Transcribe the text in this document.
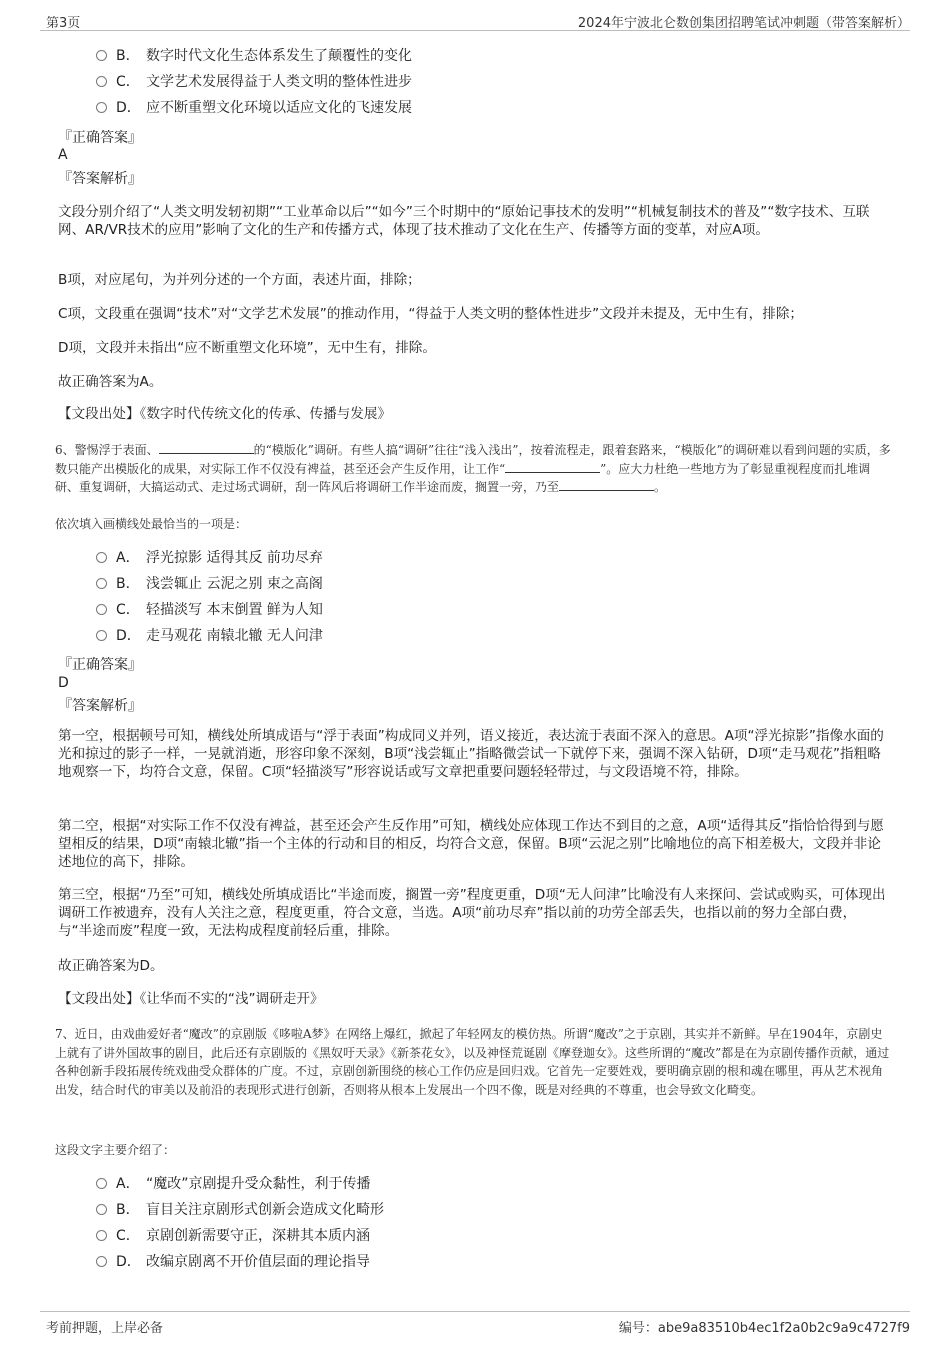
第3页	2024年宁波北仑数创集团招聘笔试冲刺题（带答案解析）
B． 数字时代文化生态体系发生了颠覆性的变化
C． 文学艺术发展得益于人类文明的整体性进步
D． 应不断重塑文化环境以适应文化的飞速发展
『正确答案』
A
『答案解析』
文段分别介绍了“人类文明发轫初期”“工业革命以后”“如今”三个时期中的“原始记事技术的发明”“机械复制技术的普及”“数字技术、互联网、AR/VR技术的应用”影响了文化的生产和传播方式，体现了技术推动了文化在生产、传播等方面的变革，对应A项。
B项，对应尾句，为并列分述的一个方面，表述片面，排除；
C项，文段重在强调“技术”对“文学艺术发展”的推动作用，“得益于人类文明的整体性进步”文段并未提及，无中生有，排除；
D项，文段并未指出“应不断重塑文化环境”，无中生有，排除。
故正确答案为A。
【文段出处】《数字时代传统文化的传承、传播与发展》
6、警惕浮于表面、	的“模版化”调研。有些人搞“调研”往往“浅入浅出”，按着流程走，跟着套路来，“模版化”的调研难以看到问题的实质，多数只能产出模版化的成果，对实际工作不仅没有裨益，甚至还会产生反作用，让工作“	”。应大力杜绝一些地方为了彰显重视程度而扎堆调研、重复调研，大搞运动式、走过场式调研，刮一阵风后将调研工作半途而废，搁置一旁，乃至	。
依次填入画横线处最恰当的一项是：
A． 浮光掠影 适得其反 前功尽弃
B． 浅尝辄止 云泥之别 束之高阁
C． 轻描淡写 本末倒置 鲜为人知
D． 走马观花 南辕北辙 无人问津
『正确答案』
D
『答案解析』
第一空，根据顿号可知，横线处所填成语与“浮于表面”构成同义并列，语义接近，表达流于表面不深入的意思。A项“浮光掠影”指像水面的光和掠过的影子一样，一晃就消逝，形容印象不深刻，B项“浅尝辄止”指略微尝试一下就停下来，强调不深入钻研，D项“走马观花”指粗略地观察一下，均符合文意，保留。C项“轻描淡写”形容说话或写文章把重要问题轻轻带过，与文段语境不符，排除。
第二空，根据“对实际工作不仅没有裨益，甚至还会产生反作用”可知，横线处应体现工作达不到目的之意，A项“适得其反”指恰恰得到与愿望相反的结果，D项“南辕北辙”指一个主体的行动和目的相反，均符合文意，保留。B项“云泥之别”比喻地位的高下相差极大，文段并非论述地位的高下，排除。
第三空，根据“乃至”可知，横线处所填成语比“半途而废，搁置一旁”程度更重，D项“无人问津”比喻没有人来探问、尝试或购买，可体现出调研工作被遗弃，没有人关注之意，程度更重，符合文意，当选。A项“前功尽弃”指以前的功劳全部丢失，也指以前的努力全部白费，与“半途而废”程度一致，无法构成程度前轻后重，排除。
故正确答案为D。
【文段出处】《让华而不实的“浅”调研走开》
7、近日，由戏曲爱好者“魔改”的京剧版《哆啦A梦》在网络上爆红，掀起了年轻网友的模仿热。所谓“魔改”之于京剧，其实并不新鲜。早在1904年，京剧史上就有了讲外国故事的剧目，此后还有京剧版的《黑奴吁天录》《新茶花女》，以及神怪荒诞剧《摩登迦女》。这些所谓的“魔改”都是在为京剧传播作贡献，通过各种创新手段拓展传统戏曲受众群体的广度。不过，京剧创新围绕的核心工作仍应是回归戏。它首先一定要姓戏，要明确京剧的根和魂在哪里，再从艺术视角出发，结合时代的审美以及前沿的表现形式进行创新，否则将从根本上发展出一个四不像，既是对经典的不尊重，也会导致文化畸变。
这段文字主要介绍了：
A． “魔改”京剧提升受众黏性，利于传播
B． 盲目关注京剧形式创新会造成文化畸形
C． 京剧创新需要守正，深耕其本质内涵
D． 改编京剧离不开价值层面的理论指导
考前押题，上岸必备	编号：abe9a83510b4ec1f2a0b2c9a9c4727f9
